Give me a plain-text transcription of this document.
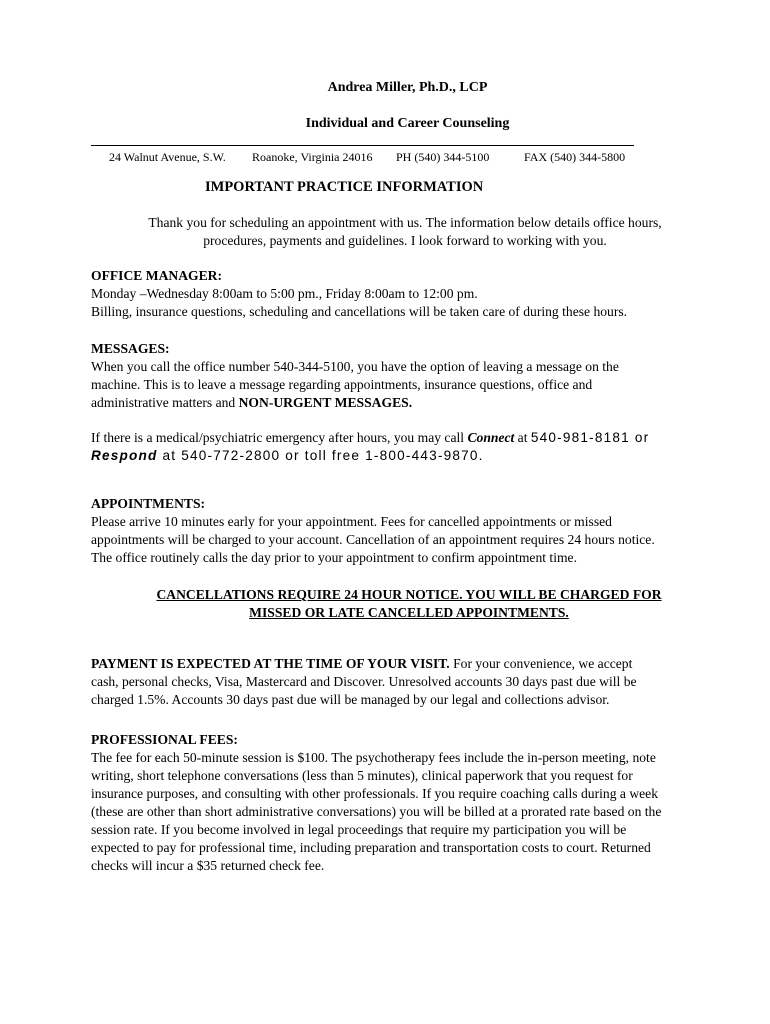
Andrea Miller, Ph.D., LCP
Individual and Career Counseling
24 Walnut Avenue, S.W. Roanoke, Virginia 24016 PH (540) 344-5100	FAX (540) 344-5800
IMPORTANT PRACTICE INFORMATION

Thank you for scheduling an appointment with us. The information below details office hours,

procedures, payments and guidelines. I look forward to working with you.

OFFICE MANAGER:

Monday –Wednesday 8:00am to 5:00 pm., Friday 8:00am to 12:00 pm.

Billing, insurance questions, scheduling and cancellations will be taken care of during these hours.

MESSAGES:

When you call the office number 540-344-5100, you have the option of leaving a message on the

machine. This is to leave a message regarding appointments, insurance questions, office and

administrative matters and NON-URGENT MESSAGES.

If there is a medical/psychiatric emergency after hours, you may call Connect at 540-981-8181 or

Respond at 540-772-2800 or toll free 1-800-443-9870.

APPOINTMENTS:

Please arrive 10 minutes early for your appointment. Fees for cancelled appointments or missed

appointments will be charged to your account. Cancellation of an appointment requires 24 hours notice.

The office routinely calls the day prior to your appointment to confirm appointment time.

CANCELLATIONS REQUIRE 24 HOUR NOTICE. YOU WILL BE CHARGED FOR

MISSED OR LATE CANCELLED APPOINTMENTS.

PAYMENT IS EXPECTED AT THE TIME OF YOUR VISIT. For your convenience, we accept

cash, personal checks, Visa, Mastercard and Discover. Unresolved accounts 30 days past due will be

charged 1.5%. Accounts 30 days past due will be managed by our legal and collections advisor.

PROFESSIONAL FEES:

The fee for each 50-minute session is $100. The psychotherapy fees include the in-person meeting, note

writing, short telephone conversations (less than 5 minutes), clinical paperwork that you request for

insurance purposes, and consulting with other professionals. If you require coaching calls during a week

(these are other than short administrative conversations) you will be billed at a prorated rate based on the

session rate. If you become involved in legal proceedings that require my participation you will be

expected to pay for professional time, including preparation and transportation costs to court. Returned

checks will incur a $35 returned check fee.
